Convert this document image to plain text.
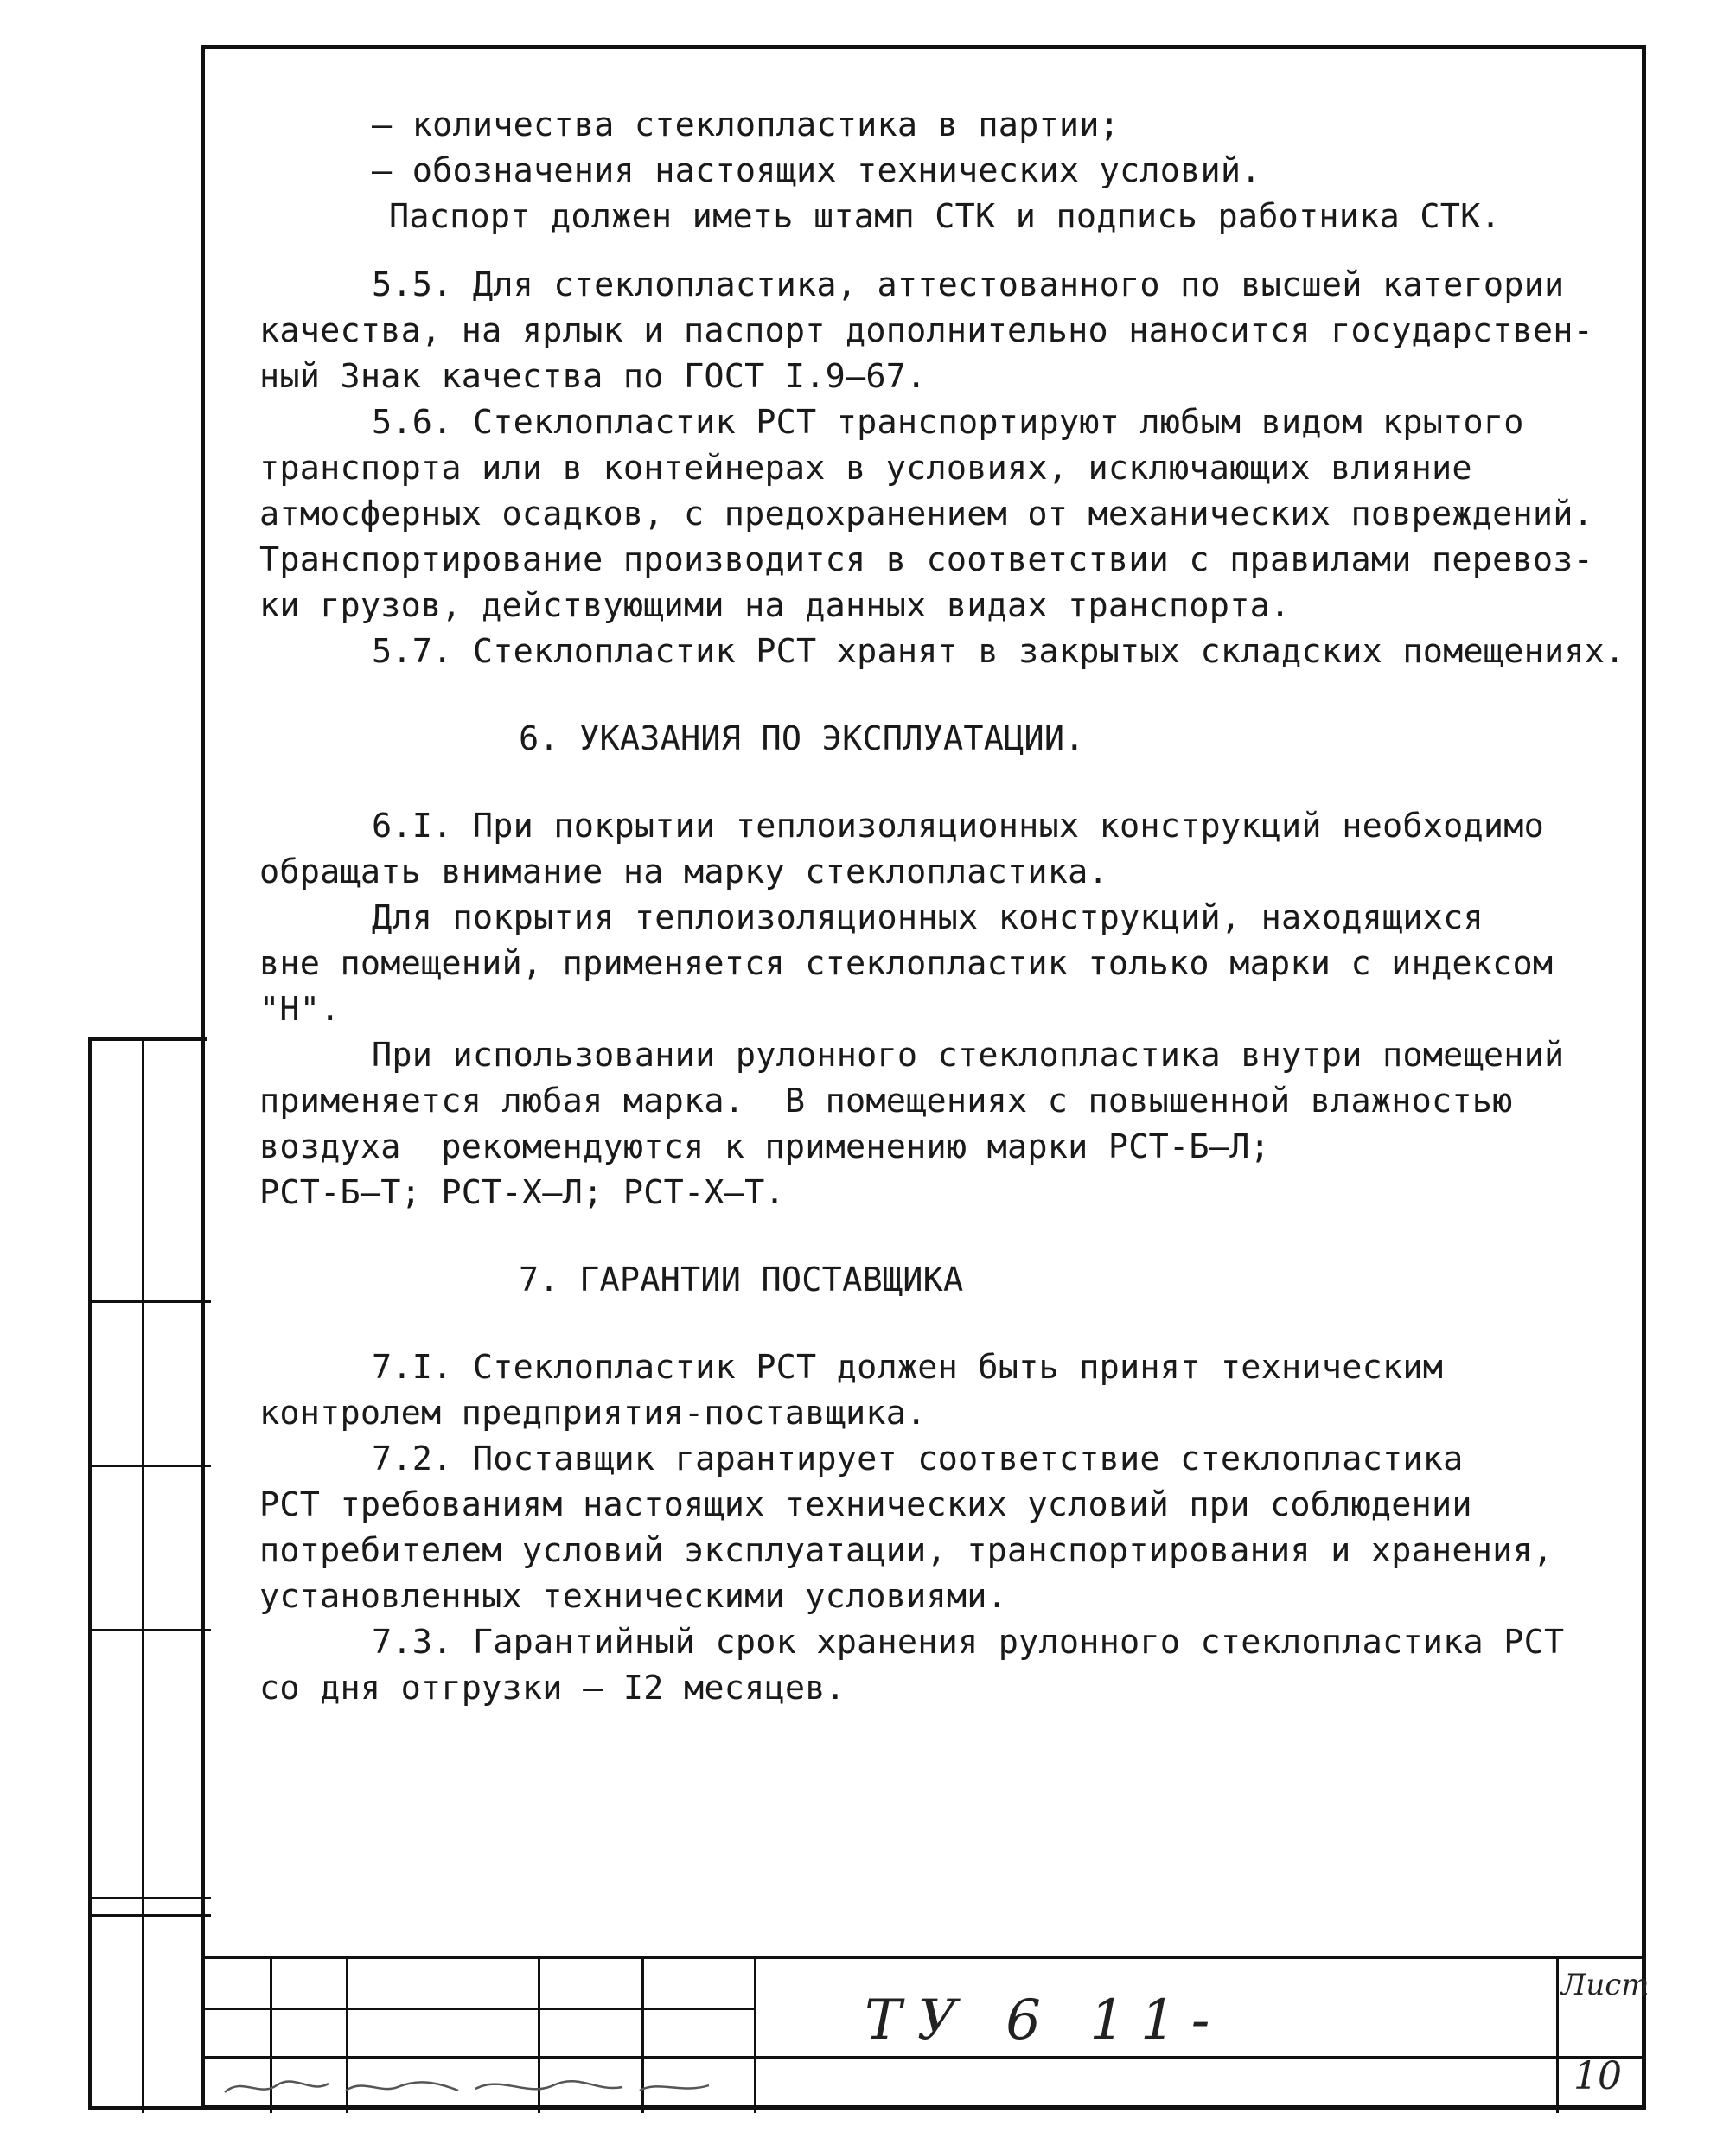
– количества стеклопластика в партии;

– обозначения настоящих технических условий.

Паспорт должен иметь штамп СТК и подпись работника СТК.

5.5. Для стеклопластика, аттестованного по высшей категории

качества, на ярлык и паспорт дополнительно наносится государствен-

ный Знак качества по ГОСТ I.9–67.

5.6. Стеклопластик РСТ транспортируют любым видом крытого

транспорта или в контейнерах в условиях, исключающих влияние

атмосферных осадков, с предохранением от механических повреждений.

Транспортирование производится в соответствии с правилами перевоз-

ки грузов, действующими на данных видах транспорта.

5.7. Стеклопластик РСТ хранят в закрытых складских помещениях.

6. УКАЗАНИЯ ПО ЭКСПЛУАТАЦИИ.

6.I. При покрытии теплоизоляционных конструкций необходимо

обращать внимание на марку стеклопластика.

Для покрытия теплоизоляционных конструкций, находящихся

вне помещений, применяется стеклопластик только марки с индексом

"Н".

При использовании рулонного стеклопластика внутри помещений

применяется любая марка.  В помещениях с повышенной влажностью

воздуха  рекомендуются к применению марки РСТ-Б–Л;

РСТ-Б–Т; РСТ-Х–Л; РСТ-Х–Т.

7. ГАРАНТИИ ПОСТАВЩИКА

7.I. Стеклопластик РСТ должен быть принят техническим

контролем предприятия-поставщика.

7.2. Поставщик гарантирует соответствие стеклопластика

РСТ требованиям настоящих технических условий при соблюдении

потребителем условий эксплуатации, транспортирования и хранения,

установленных техническими условиями.

7.3. Гарантийный срок хранения рулонного стеклопластика РСТ

со дня отгрузки – I2 месяцев.

ТУ 6 11-
Лист
10
